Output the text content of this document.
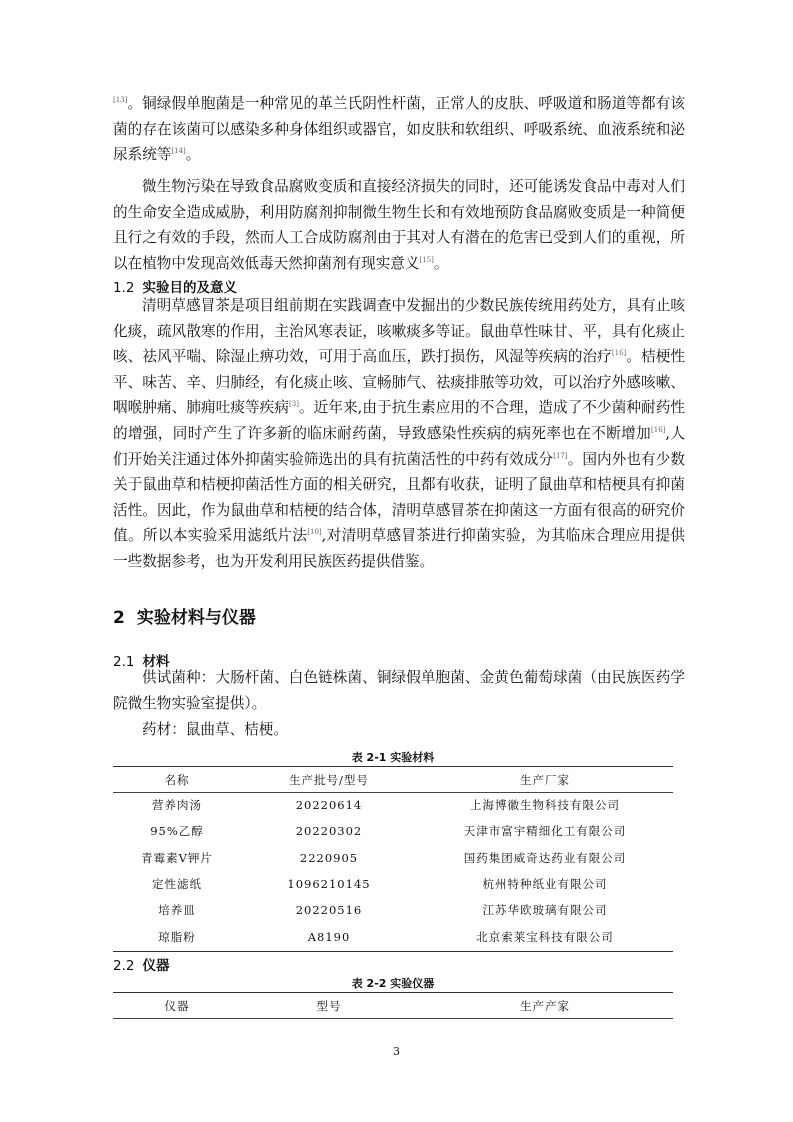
[13]。铜绿假单胞菌是一种常见的革兰氏阴性杆菌，正常人的皮肤、呼吸道和肠道等都有该菌的存在该菌可以感染多种身体组织或器官，如皮肤和软组织、呼吸系统、血液系统和泌尿系统等[14]。

微生物污染在导致食品腐败变质和直接经济损失的同时，还可能诱发食品中毒对人们的生命安全造成威胁，利用防腐剂抑制微生物生长和有效地预防食品腐败变质是一种简便且行之有效的手段，然而人工合成防腐剂由于其对人有潜在的危害已受到人们的重视，所以在植物中发现高效低毒天然抑菌剂有现实意义[15]。

1.2 实验目的及意义

清明草感冒茶是项目组前期在实践调查中发掘出的少数民族传统用药处方，具有止咳化痰，疏风散寒的作用，主治风寒表证，咳嗽痰多等证。鼠曲草性味甘、平，具有化痰止咳、祛风平喘、除湿止痹功效，可用于高血压，跌打损伤，风湿等疾病的治疗[16]。桔梗性平、味苦、辛、归肺经，有化痰止咳、宣畅肺气、祛痰排脓等功效，可以治疗外感咳嗽、咽喉肿痛、肺痈吐痰等疾病[3]。近年来,由于抗生素应用的不合理，造成了不少菌种耐药性的增强，同时产生了许多新的临床耐药菌，导致感染性疾病的病死率也在不断增加[16],人们开始关注通过体外抑菌实验筛选出的具有抗菌活性的中药有效成分[17]。国内外也有少数关于鼠曲草和桔梗抑菌活性方面的相关研究，且都有收获，证明了鼠曲草和桔梗具有抑菌活性。因此，作为鼠曲草和桔梗的结合体，清明草感冒茶在抑菌这一方面有很高的研究价值。所以本实验采用滤纸片法[10],对清明草感冒茶进行抑菌实验，为其临床合理应用提供一些数据参考，也为开发利用民族医药提供借鉴。

2 实验材料与仪器
2.1 材料

供试菌种：大肠杆菌、白色链株菌、铜绿假单胞菌、金黄色葡萄球菌（由民族医药学院微生物实验室提供）。

药材：鼠曲草、桔梗。

表 2-1 实验材料
名称	生产批号/型号	生产厂家
营养肉汤	20220614	上海博徽生物科技有限公司
95%乙醇	20220302	天津市富宇精细化工有限公司
青霉素Ⅴ钾片	2220905	国药集团威奇达药业有限公司
定性滤纸	1096210145	杭州特种纸业有限公司
培养皿	20220516	江苏华欧玻璃有限公司
琼脂粉	A8190	北京索莱宝科技有限公司
2.2 仪器
表 2-2 实验仪器
仪器	型号	生产产家
3
